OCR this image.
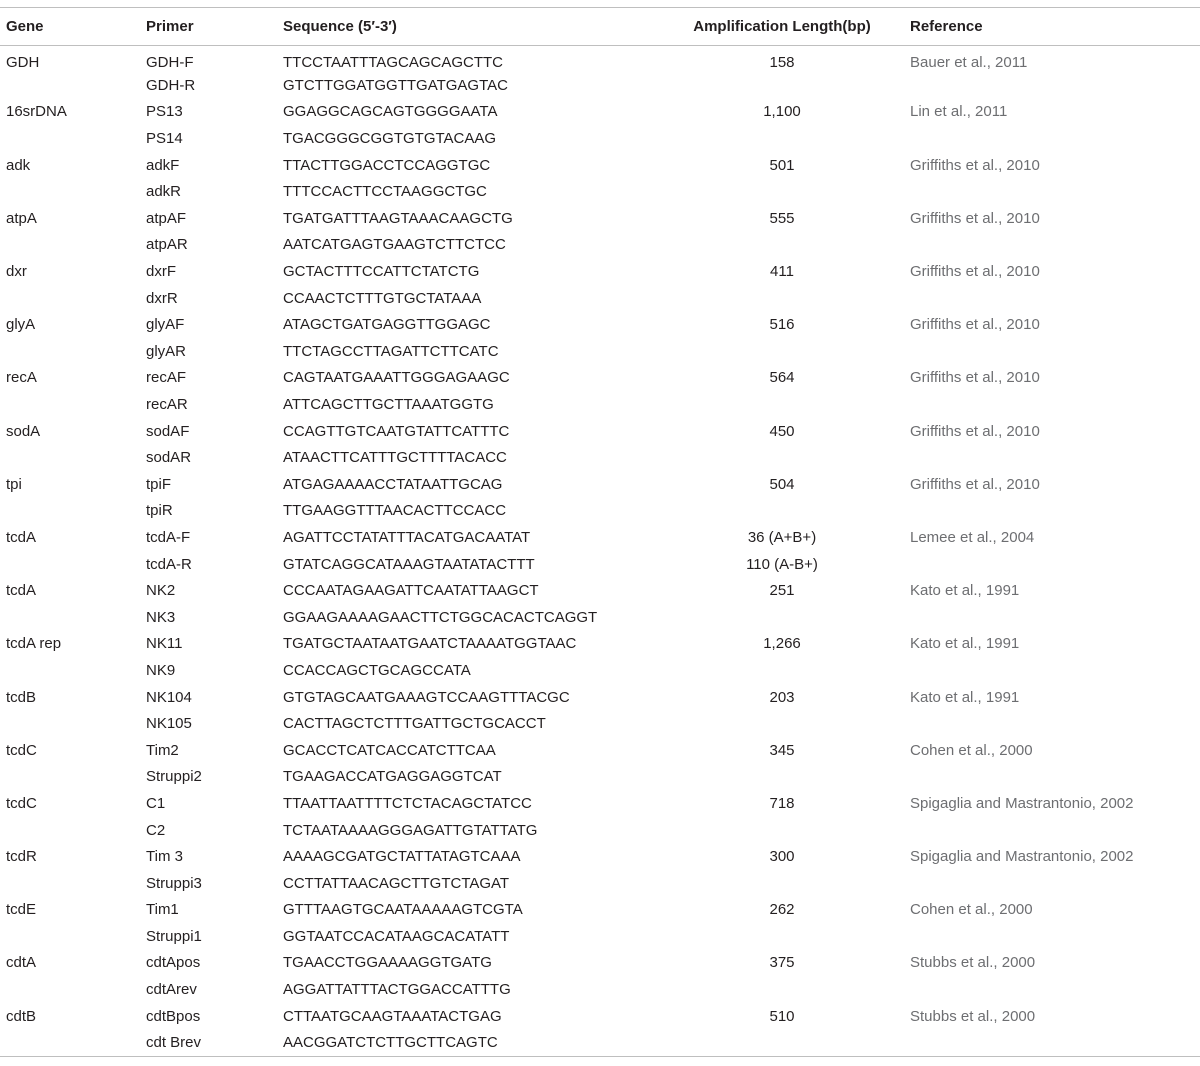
Gene	Primer	Sequence (5′-3′)	Amplification Length(bp)	Reference
GDH	GDH-F	TTCCTAATTTAGCAGCAGCTTC	158	Bauer et al., 2011
	GDH-R	GTCTTGGATGGTTGATGAGTAC		
16srDNA	PS13	GGAGGCAGCAGTGGGGAATA	1,100	Lin et al., 2011
	PS14	TGACGGGCGGTGTGTACAAG		
adk	adkF	TTACTTGGACCTCCAGGTGC	501	Griffiths et al., 2010
	adkR	TTTCCACTTCCTAAGGCTGC		
atpA	atpAF	TGATGATTTAAGTAAACAAGCTG	555	Griffiths et al., 2010
	atpAR	AATCATGAGTGAAGTCTTCTCC		
dxr	dxrF	GCTACTTTCCATTCTATCTG	411	Griffiths et al., 2010
	dxrR	CCAACTCTTTGTGCTATAAA		
glyA	glyAF	ATAGCTGATGAGGTTGGAGC	516	Griffiths et al., 2010
	glyAR	TTCTAGCCTTAGATTCTTCATC		
recA	recAF	CAGTAATGAAATTGGGAGAAGC	564	Griffiths et al., 2010
	recAR	ATTCAGCTTGCTTAAATGGTG		
sodA	sodAF	CCAGTTGTCAATGTATTCATTTC	450	Griffiths et al., 2010
	sodAR	ATAACTTCATTTGCTTTTACACC		
tpi	tpiF	ATGAGAAAACCTATAATTGCAG	504	Griffiths et al., 2010
	tpiR	TTGAAGGTTTAACACTTCCACC		
tcdA	tcdA-F	AGATTCCTATATTTACATGACAATAT	36 (A+B+)	Lemee et al., 2004
	tcdA-R	GTATCAGGCATAAAGTAATATACTTT	110 (A-B+)	
tcdA	NK2	CCCAATAGAAGATTCAATATTAAGCT	251	Kato et al., 1991
	NK3	GGAAGAAAAGAACTTCTGGCACACTCAGGT		
tcdA rep	NK11	TGATGCTAATAATGAATCTAAAATGGTAAC	1,266	Kato et al., 1991
	NK9	CCACCAGCTGCAGCCATA		
tcdB	NK104	GTGTAGCAATGAAAGTCCAAGTTTACGC	203	Kato et al., 1991
	NK105	CACTTAGCTCTTTGATTGCTGCACCT		
tcdC	Tim2	GCACCTCATCACCATCTTCAA	345	Cohen et al., 2000
	Struppi2	TGAAGACCATGAGGAGGTCAT		
tcdC	C1	TTAATTAATTTTCTCTACAGCTATCC	718	Spigaglia and Mastrantonio, 2002
	C2	TCTAATAAAAGGGAGATTGTATTATG		
tcdR	Tim 3	AAAAGCGATGCTATTATAGTCAAA	300	Spigaglia and Mastrantonio, 2002
	Struppi3	CCTTATTAACAGCTTGTCTAGAT		
tcdE	Tim1	GTTTAAGTGCAATAAAAAGTCGTA	262	Cohen et al., 2000
	Struppi1	GGTAATCCACATAAGCACATATT		
cdtA	cdtApos	TGAACCTGGAAAAGGTGATG	375	Stubbs et al., 2000
	cdtArev	AGGATTATTTACTGGACCATTTG		
cdtB	cdtBpos	CTTAATGCAAGTAAATACTGAG	510	Stubbs et al., 2000
	cdt Brev	AACGGATCTCTTGCTTCAGTC		
